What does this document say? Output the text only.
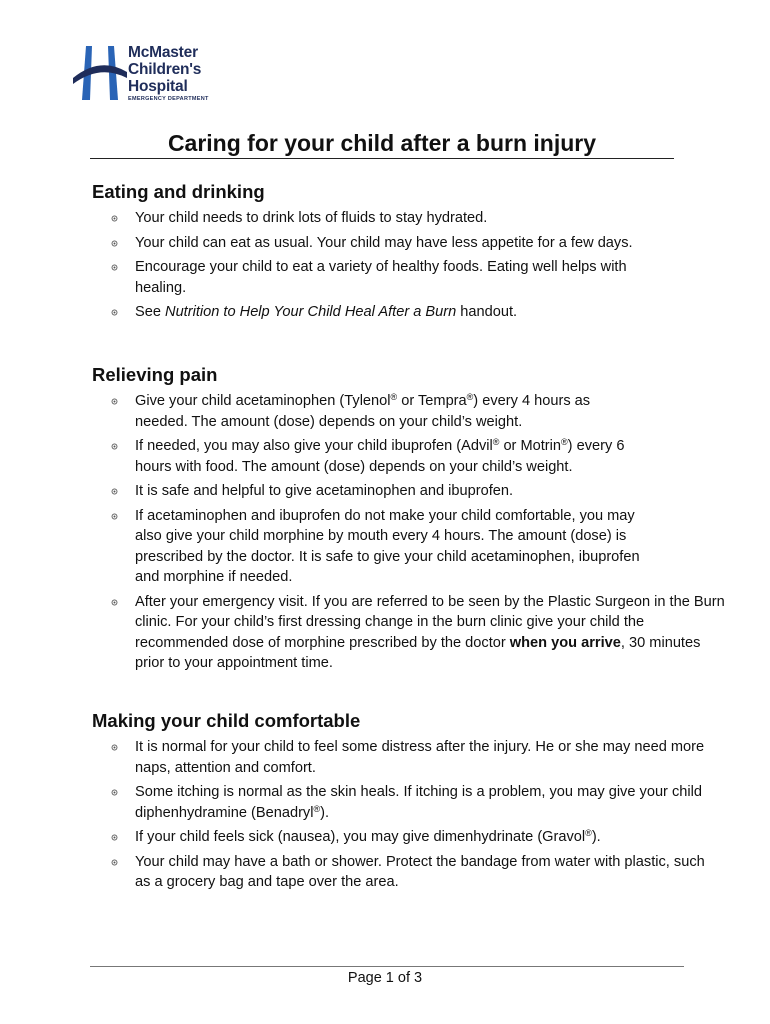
McMaster
Children's
Hospital
EMERGENCY DEPARTMENT
Caring for your child after a burn injury
Eating and drinking
Your child needs to drink lots of fluids to stay hydrated.
Your child can eat as usual. Your child may have less appetite for a few days.
Encourage your child to eat a variety of healthy foods. Eating well helps with healing.
See Nutrition to Help Your Child Heal After a Burn handout.
Relieving pain
Give your child acetaminophen (Tylenol® or Tempra®) every 4 hours as needed. The amount (dose) depends on your child’s weight.
If needed, you may also give your child ibuprofen (Advil® or Motrin®) every 6 hours with food. The amount (dose) depends on your child’s weight.
It is safe and helpful to give acetaminophen and ibuprofen.
If acetaminophen and ibuprofen do not make your child comfortable, you may also give your child morphine by mouth every 4 hours. The amount (dose) is prescribed by the doctor. It is safe to give your child acetaminophen, ibuprofen and morphine if needed.
After your emergency visit. If you are referred to be seen by the Plastic Surgeon in the Burn clinic. For your child’s first dressing change in the burn clinic give your child the recommended dose of morphine prescribed by the doctor when you arrive, 30 minutes prior to your appointment time.
Making your child comfortable
It is normal for your child to feel some distress after the injury. He or she may need more naps, attention and comfort.
Some itching is normal as the skin heals. If itching is a problem, you may give your child diphenhydramine (Benadryl®).
If your child feels sick (nausea), you may give dimenhydrinate (Gravol®).
Your child may have a bath or shower. Protect the bandage from water with plastic, such as a grocery bag and tape over the area.
Page 1 of 3
